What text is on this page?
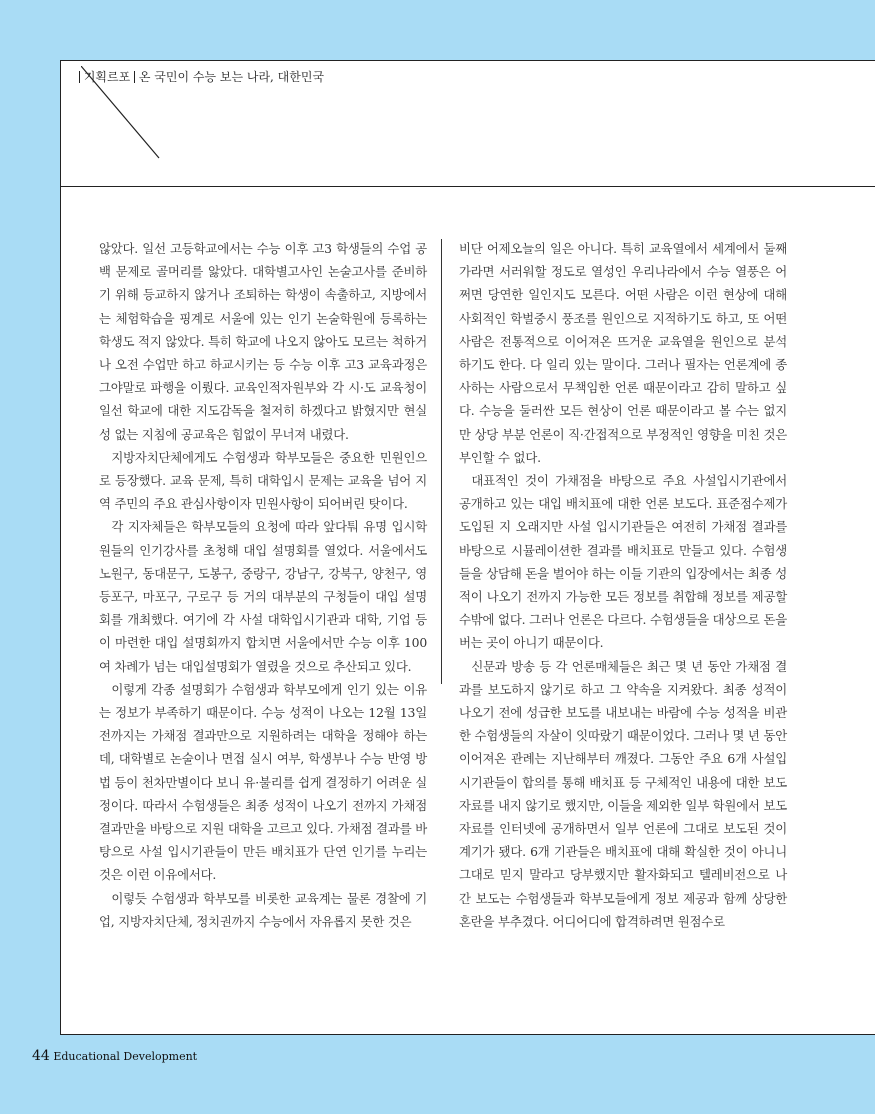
기획르포 온 국민이 수능 보는 나라, 대한민국

않았다. 일선 고등학교에서는 수능 이후 고3 학생들의 수업 공백 문제로 골머리를 앓았다. 대학별고사인 논술고사를 준비하기 위해 등교하지 않거나 조퇴하는 학생이 속출하고, 지방에서는 체험학습을 핑계로 서울에 있는 인기 논술학원에 등록하는 학생도 적지 않았다. 특히 학교에 나오지 않아도 모르는 척하거나 오전 수업만 하고 하교시키는 등 수능 이후 고3 교육과정은 그야말로 파행을 이뤘다. 교육인적자원부와 각 시·도 교육청이 일선 학교에 대한 지도감독을 철저히 하겠다고 밝혔지만 현실성 없는 지침에 공교육은 힘없이 무너져 내렸다.

지방자치단체에게도 수험생과 학부모들은 중요한 민원인으로 등장했다. 교육 문제, 특히 대학입시 문제는 교육을 넘어 지역 주민의 주요 관심사항이자 민원사항이 되어버린 탓이다.

각 지자체들은 학부모들의 요청에 따라 앞다퉈 유명 입시학원들의 인기강사를 초청해 대입 설명회를 열었다. 서울에서도 노원구, 동대문구, 도봉구, 중랑구, 강남구, 강북구, 양천구, 영등포구, 마포구, 구로구 등 거의 대부분의 구청들이 대입 설명회를 개최했다. 여기에 각 사설 대학입시기관과 대학, 기업 등이 마련한 대입 설명회까지 합치면 서울에서만 수능 이후 100여 차례가 넘는 대입설명회가 열렸을 것으로 추산되고 있다.

이렇게 각종 설명회가 수험생과 학부모에게 인기 있는 이유는 정보가 부족하기 때문이다. 수능 성적이 나오는 12월 13일 전까지는 가채점 결과만으로 지원하려는 대학을 정해야 하는데, 대학별로 논술이나 면접 실시 여부, 학생부나 수능 반영 방법 등이 천차만별이다 보니 유·불리를 쉽게 결정하기 어려운 실정이다. 따라서 수험생들은 최종 성적이 나오기 전까지 가채점 결과만을 바탕으로 지원 대학을 고르고 있다. 가채점 결과를 바탕으로 사설 입시기관들이 만든 배치표가 단연 인기를 누리는 것은 이런 이유에서다.

이렇듯 수험생과 학부모를 비롯한 교육계는 물론 경찰에 기업, 지방자치단체, 정치권까지 수능에서 자유롭지 못한 것은

비단 어제오늘의 일은 아니다. 특히 교육열에서 세계에서 둘째가라면 서러워할 정도로 열성인 우리나라에서 수능 열풍은 어쩌면 당연한 일인지도 모른다. 어떤 사람은 이런 현상에 대해 사회적인 학벌중시 풍조를 원인으로 지적하기도 하고, 또 어떤 사람은 전통적으로 이어져온 뜨거운 교육열을 원인으로 분석하기도 한다. 다 일리 있는 말이다. 그러나 필자는 언론계에 종사하는 사람으로서 무책임한 언론 때문이라고 감히 말하고 싶다. 수능을 둘러싼 모든 현상이 언론 때문이라고 볼 수는 없지만 상당 부분 언론이 직·간접적으로 부정적인 영향을 미친 것은 부인할 수 없다.

대표적인 것이 가채점을 바탕으로 주요 사설입시기관에서 공개하고 있는 대입 배치표에 대한 언론 보도다. 표준점수제가 도입된 지 오래지만 사설 입시기관들은 여전히 가채점 결과를 바탕으로 시뮬레이션한 결과를 배치표로 만들고 있다. 수험생들을 상담해 돈을 벌어야 하는 이들 기관의 입장에서는 최종 성적이 나오기 전까지 가능한 모든 정보를 취합해 정보를 제공할 수밖에 없다. 그러나 언론은 다르다. 수험생들을 대상으로 돈을 버는 곳이 아니기 때문이다.

신문과 방송 등 각 언론매체들은 최근 몇 년 동안 가채점 결과를 보도하지 않기로 하고 그 약속을 지켜왔다. 최종 성적이 나오기 전에 성급한 보도를 내보내는 바람에 수능 성적을 비관한 수험생들의 자살이 잇따랐기 때문이었다. 그러나 몇 년 동안 이어져온 관례는 지난해부터 깨졌다. 그동안 주요 6개 사설입시기관들이 합의를 통해 배치표 등 구체적인 내용에 대한 보도자료를 내지 않기로 했지만, 이들을 제외한 일부 학원에서 보도자료를 인터넷에 공개하면서 일부 언론에 그대로 보도된 것이 계기가 됐다. 6개 기관들은 배치표에 대해 확실한 것이 아니니 그대로 믿지 말라고 당부했지만 활자화되고 텔레비전으로 나간 보도는 수험생들과 학부모들에게 정보 제공과 함께 상당한 혼란을 부추겼다. 어디어디에 합격하려면 원점수로

44 Educational Development
